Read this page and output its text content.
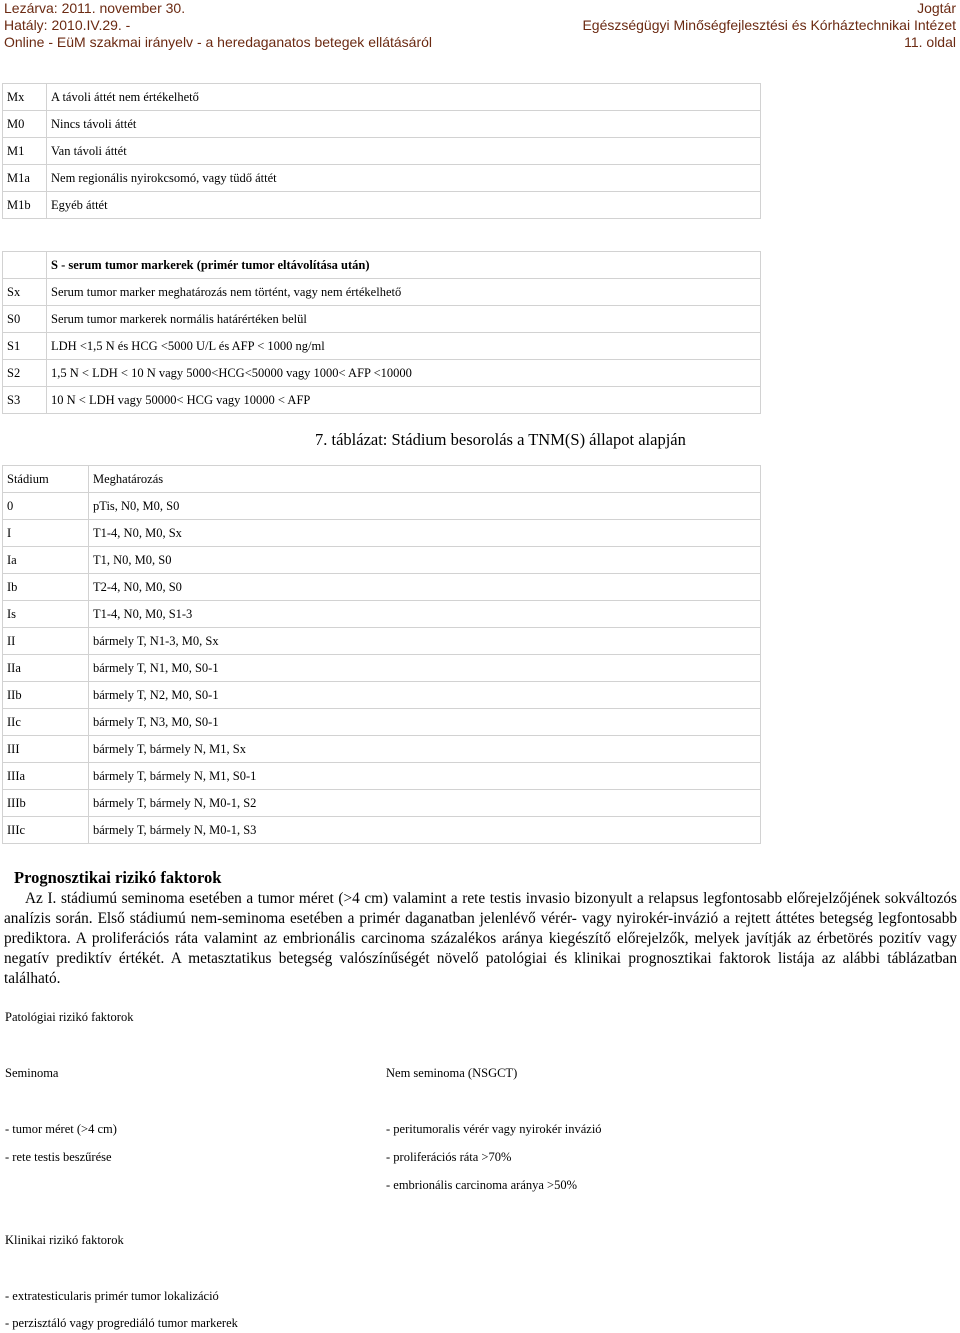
Lezárva: 2011. november 30.
Hatály: 2010.IV.29. -
Online - EüM szakmai irányelv - a heredaganatos betegek ellátásáról
Jogtár
Egészségügyi Minőségfejlesztési és Kórháztechnikai Intézet
11. oldal
Mx	A távoli áttét nem értékelhető
M0	Nincs távoli áttét
M1	Van távoli áttét
M1a	Nem regionális nyirokcsomó, vagy tüdő áttét
M1b	Egyéb áttét
	S - serum tumor markerek (primér tumor eltávolítása után)
Sx	Serum tumor marker meghatározás nem történt, vagy nem értékelhető
S0	Serum tumor markerek normális határértéken belül
S1	LDH <1,5 N és HCG <5000 U/L és AFP < 1000 ng/ml
S2	1,5 N < LDH < 10 N vagy 5000<HCG<50000 vagy 1000< AFP <10000
S3	10 N < LDH vagy 50000< HCG vagy 10000 < AFP
7. táblázat: Stádium besorolás a TNM(S) állapot alapján
Stádium	Meghatározás
0	pTis, N0, M0, S0
I	T1-4, N0, M0, Sx
Ia	T1, N0, M0, S0
Ib	T2-4, N0, M0, S0
Is	T1-4, N0, M0, S1-3
II	bármely T, N1-3, M0, Sx
IIa	bármely T, N1, M0, S0-1
IIb	bármely T, N2, M0, S0-1
IIc	bármely T, N3, M0, S0-1
III	bármely T, bármely N, M1, Sx
IIIa	bármely T, bármely N, M1, S0-1
IIIb	bármely T, bármely N, M0-1, S2
IIIc	bármely T, bármely N, M0-1, S3
Prognosztikai rizikó faktorok

Az I. stádiumú seminoma esetében a tumor méret (>4 cm) valamint a rete testis invasio bizonyult a relapsus legfontosabb előrejelzőjének sokváltozós analízis során. Első stádiumú nem-seminoma esetében a primér daganatban jelenlévő vérér- vagy nyirokér-invázió a rejtett áttétes betegség legfontosabb prediktora. A proliferációs ráta valamint az embrionális carcinoma százalékos aránya kiegészítő előrejelzők, melyek javítják az érbetörés pozitív vagy negatív prediktív értékét. A metasztatikus betegség valószínűségét növelő patológiai és klinikai prognosztikai faktorok listája az alábbi táblázatban található.

Patológiai rizikó faktorok
Seminoma	Nem seminoma (NSGCT)
- tumor méret (>4 cm)
- rete testis beszűrése
- peritumoralis vérér vagy nyirokér invázió
- proliferációs ráta >70%
- embrionális carcinoma aránya >50%
Klinikai rizikó faktorok
- extratesticularis primér tumor lokalizáció
- perzisztáló vagy progrediáló tumor markerek
